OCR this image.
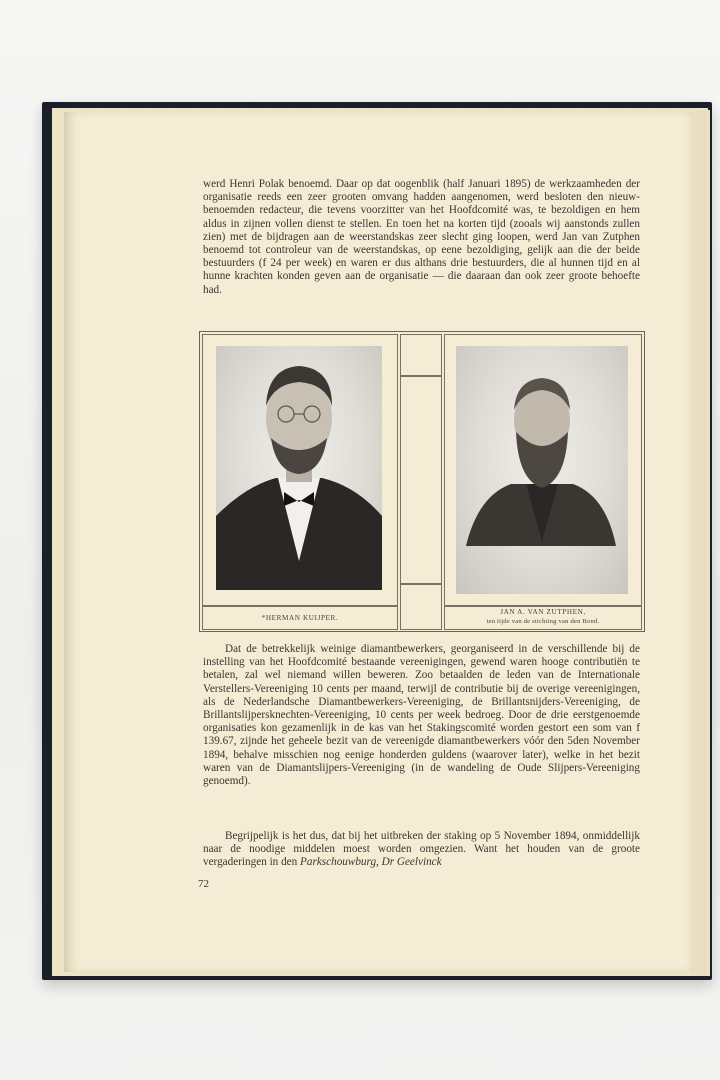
werd Henri Polak benoemd. Daar op dat oogenblik (half Januari 1895) de werkzaamheden der organisatie reeds een zeer grooten omvang hadden aangenomen, werd besloten den nieuw-benoemden redacteur, die tevens voorzitter van het Hoofdcomité was, te bezoldigen en hem aldus in zijnen vollen dienst te stellen. En toen het na korten tijd (zooals wij aanstonds zullen zien) met de bijdragen aan de weerstandskas zeer slecht ging loopen, werd Jan van Zutphen benoemd tot controleur van de weerstandskas, op eene bezoldiging, gelijk aan die der beide bestuurders (f 24 per week) en waren er dus althans drie bestuurders, die al hunnen tijd en al hunne krachten konden geven aan de organisatie — die daaraan dan ook zeer groote behoefte had.

*HERMAN KUIJPER.
JAN A. VAN ZUTPHEN,
ten tijde van de stichting van den Bond.

Dat de betrekkelijk weinige diamantbewerkers, georganiseerd in de verschillende bij de instelling van het Hoofdcomité bestaande vereenigingen, gewend waren hooge contributiën te betalen, zal wel niemand willen beweren. Zoo betaalden de leden van de Internationale Verstellers-Vereeniging 10 cents per maand, terwijl de contributie bij de overige vereenigingen, als de Nederlandsche Diamantbewerkers-Vereeniging, de Brillantsnijders-Vereeniging, de Brillantslijpersknechten-Vereeniging, 10 cents per week bedroeg. Door de drie eerstgenoemde organisaties kon gezamenlijk in de kas van het Stakingscomité worden gestort een som van f 139.67, zijnde het geheele bezit van de vereenigde diamantbewerkers vóór den 5den November 1894, behalve misschien nog eenige honderden guldens (waarover later), welke in het bezit waren van de Diamantslijpers-Vereeniging (in de wandeling de Oude Slijpers-Vereeniging genoemd).

Begrijpelijk is het dus, dat bij het uitbreken der staking op 5 November 1894, onmiddellijk naar de noodige middelen moest worden omgezien. Want het houden van de groote vergaderingen in den Parkschouwburg, Dr Geelvinck

72
